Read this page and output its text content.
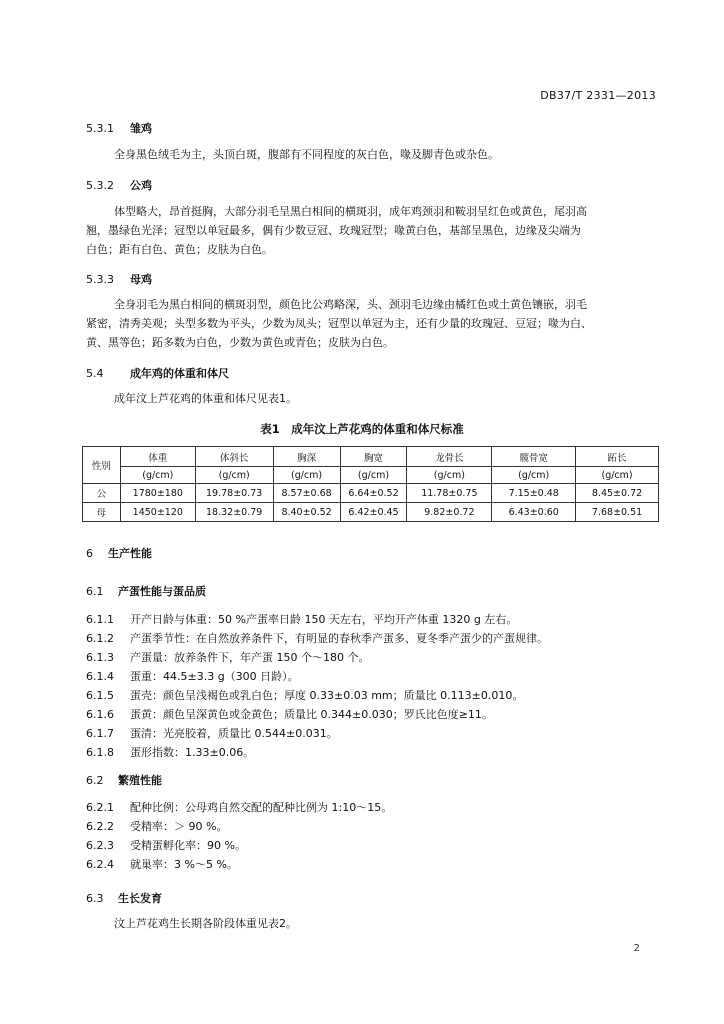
DB37/T 2331—2013
5.3.1 雏鸡
全身黑色绒毛为主，头顶白斑，腹部有不同程度的灰白色，喙及脚青色或杂色。
5.3.2 公鸡
体型略大，昂首挺胸，大部分羽毛呈黑白相间的横斑羽，成年鸡颈羽和鞍羽呈红色或黄色，尾羽高
翘，墨绿色光泽；冠型以单冠最多，偶有少数豆冠、玫瑰冠型；喙黄白色，基部呈黑色，边缘及尖端为
白色；距有白色、黄色；皮肤为白色。
5.3.3 母鸡
全身羽毛为黑白相间的横斑羽型，颜色比公鸡略深，头、颈羽毛边缘由橘红色或土黄色镶嵌，羽毛
紧密，清秀美观；头型多数为平头，少数为凤头；冠型以单冠为主，还有少量的玫瑰冠、豆冠；喙为白、
黄、黑等色；跖多数为白色，少数为黄色或青色；皮肤为白色。
5.4 成年鸡的体重和体尺
成年汶上芦花鸡的体重和体尺见表1。
表1　成年汶上芦花鸡的体重和体尺标准
性别	体重	体斜长	胸深	胸宽	龙骨长	髋骨宽	跖长
	(g/cm)	(g/cm)	(g/cm)	(g/cm)	(g/cm)	(g/cm)	(g/cm)
公	1780±180	19.78±0.73	8.57±0.68	6.64±0.52	11.78±0.75	7.15±0.48	8.45±0.72
母	1450±120	18.32±0.79	8.40±0.52	6.42±0.45	9.82±0.72	6.43±0.60	7.68±0.51
6 生产性能
6.1 产蛋性能与蛋品质
6.1.1 开产日龄与体重：50 %产蛋率日龄 150 天左右，平均开产体重 1320 g 左右。
6.1.2 产蛋季节性：在自然放养条件下，有明显的春秋季产蛋多、夏冬季产蛋少的产蛋规律。
6.1.3 产蛋量：放养条件下，年产蛋 150 个～180 个。
6.1.4 蛋重：44.5±3.3 g（300 日龄）。
6.1.5 蛋壳：颜色呈浅褐色或乳白色；厚度 0.33±0.03 mm；质量比 0.113±0.010。
6.1.6 蛋黄：颜色呈深黄色或金黄色；质量比 0.344±0.030；罗氏比色度≥11。
6.1.7 蛋清：光亮胶着，质量比 0.544±0.031。
6.1.8 蛋形指数：1.33±0.06。
6.2 繁殖性能
6.2.1 配种比例：公母鸡自然交配的配种比例为 1:10～15。
6.2.2 受精率：＞ 90 %。
6.2.3 受精蛋孵化率：90 %。
6.2.4 就巢率：3 %～5 %。
6.3 生长发育
汶上芦花鸡生长期各阶段体重见表2。
2
